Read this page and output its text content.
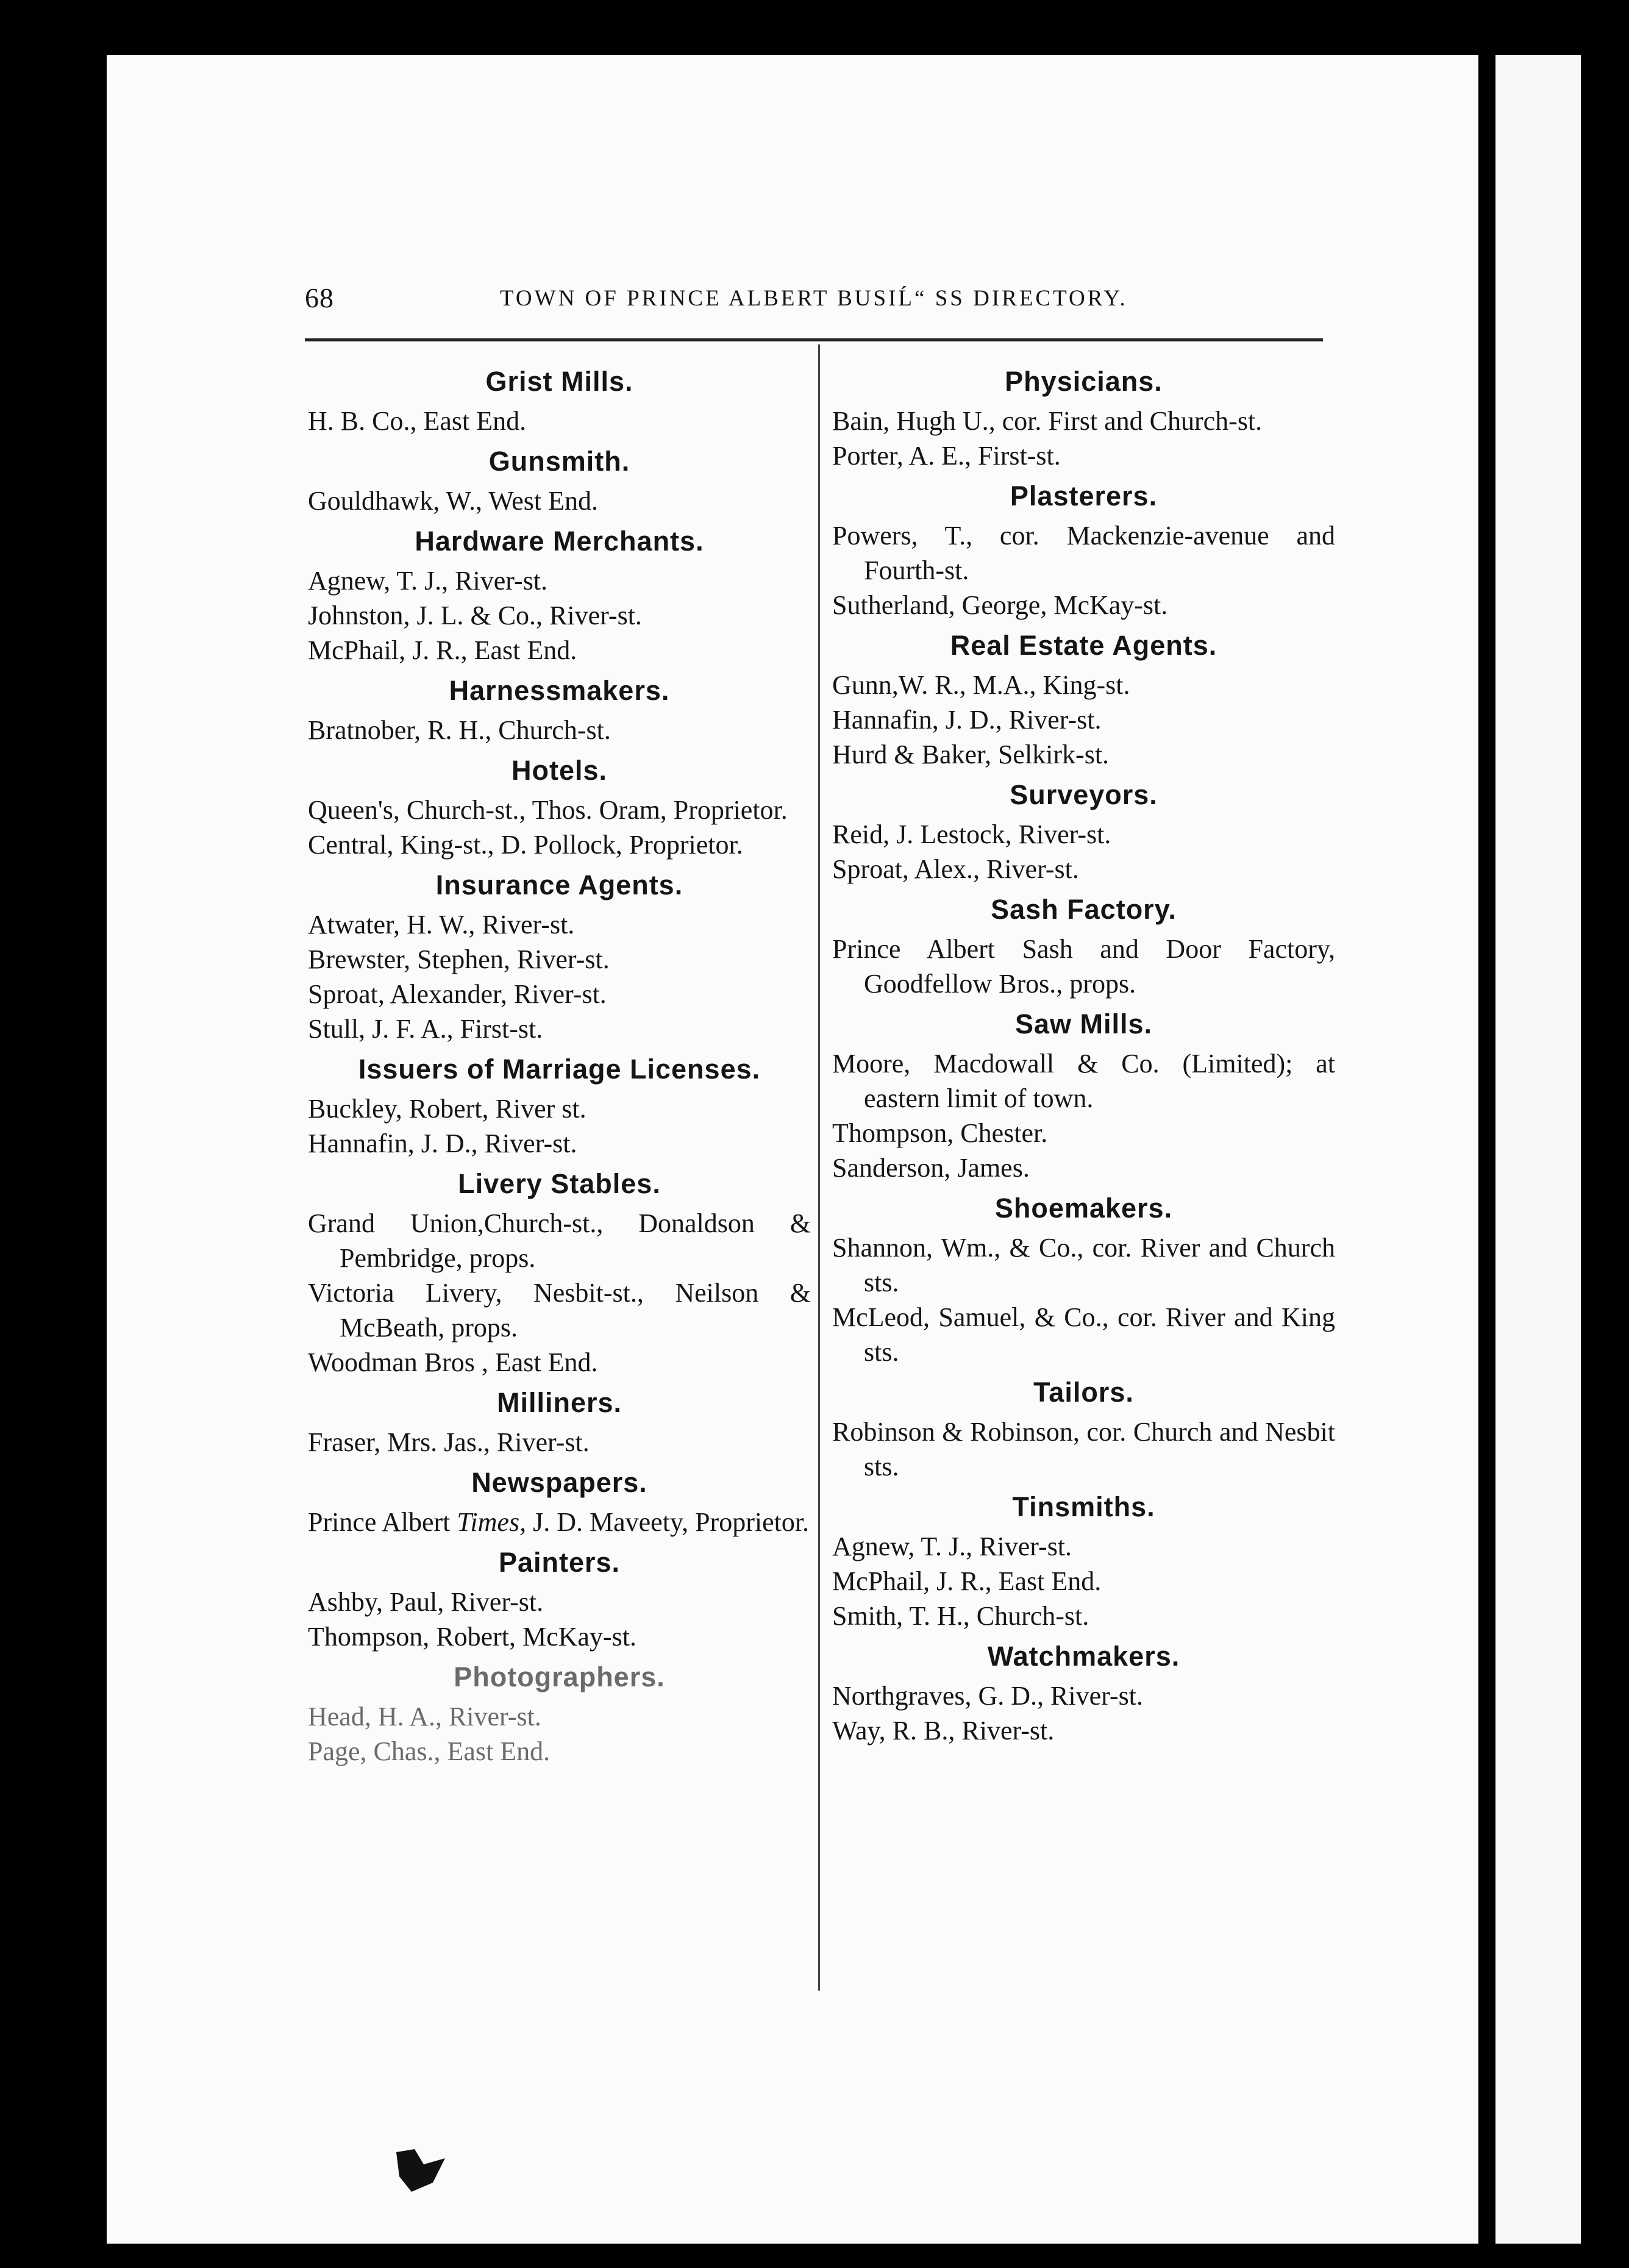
68	TOWN OF PRINCE ALBERT BUSIĹ“ SS DIRECTORY.
Grist Mills.
H. B. Co., East End.
Gunsmith.
Gouldhawk, W., West End.
Hardware Merchants.
Agnew, T. J., River-st.
Johnston, J. L. & Co., River-st.
McPhail, J. R., East End.
Harnessmakers.
Bratnober, R. H., Church-st.
Hotels.
Queen's, Church-st., Thos. Oram, Proprietor.
Central, King-st., D. Pollock, Proprietor.
Insurance Agents.
Atwater, H. W., River-st.
Brewster, Stephen, River-st.
Sproat, Alexander, River-st.
Stull, J. F. A., First-st.
Issuers of Marriage Licenses.
Buckley, Robert, River st.
Hannafin, J. D., River-st.
Livery Stables.
Grand Union,Church-st., Donaldson & Pembridge, props.
Victoria Livery, Nesbit-st., Neilson & McBeath, props.
Woodman Bros , East End.
Milliners.
Fraser, Mrs. Jas., River-st.
Newspapers.
Prince Albert Times, J. D. Maveety, Proprietor.
Painters.
Ashby, Paul, River-st.
Thompson, Robert, McKay-st.
Photographers.
Head, H. A., River-st.
Page, Chas., East End.
Physicians.
Bain, Hugh U., cor. First and Church-st.
Porter, A. E., First-st.
Plasterers.
Powers, T., cor. Mackenzie-avenue and Fourth-st.
Sutherland, George, McKay-st.
Real Estate Agents.
Gunn,W. R., M.A., King-st.
Hannafin, J. D., River-st.
Hurd & Baker, Selkirk-st.
Surveyors.
Reid, J. Lestock, River-st.
Sproat, Alex., River-st.
Sash Factory.
Prince Albert Sash and Door Factory, Goodfellow Bros., props.
Saw Mills.
Moore, Macdowall & Co. (Limited); at eastern limit of town.
Thompson, Chester.
Sanderson, James.
Shoemakers.
Shannon, Wm., & Co., cor. River and Church sts.
McLeod, Samuel, & Co., cor. River and King sts.
Tailors.
Robinson & Robinson, cor. Church and Nesbit sts.
Tinsmiths.
Agnew, T. J., River-st.
McPhail, J. R., East End.
Smith, T. H., Church-st.
Watchmakers.
Northgraves, G. D., River-st.
Way, R. B., River-st.
